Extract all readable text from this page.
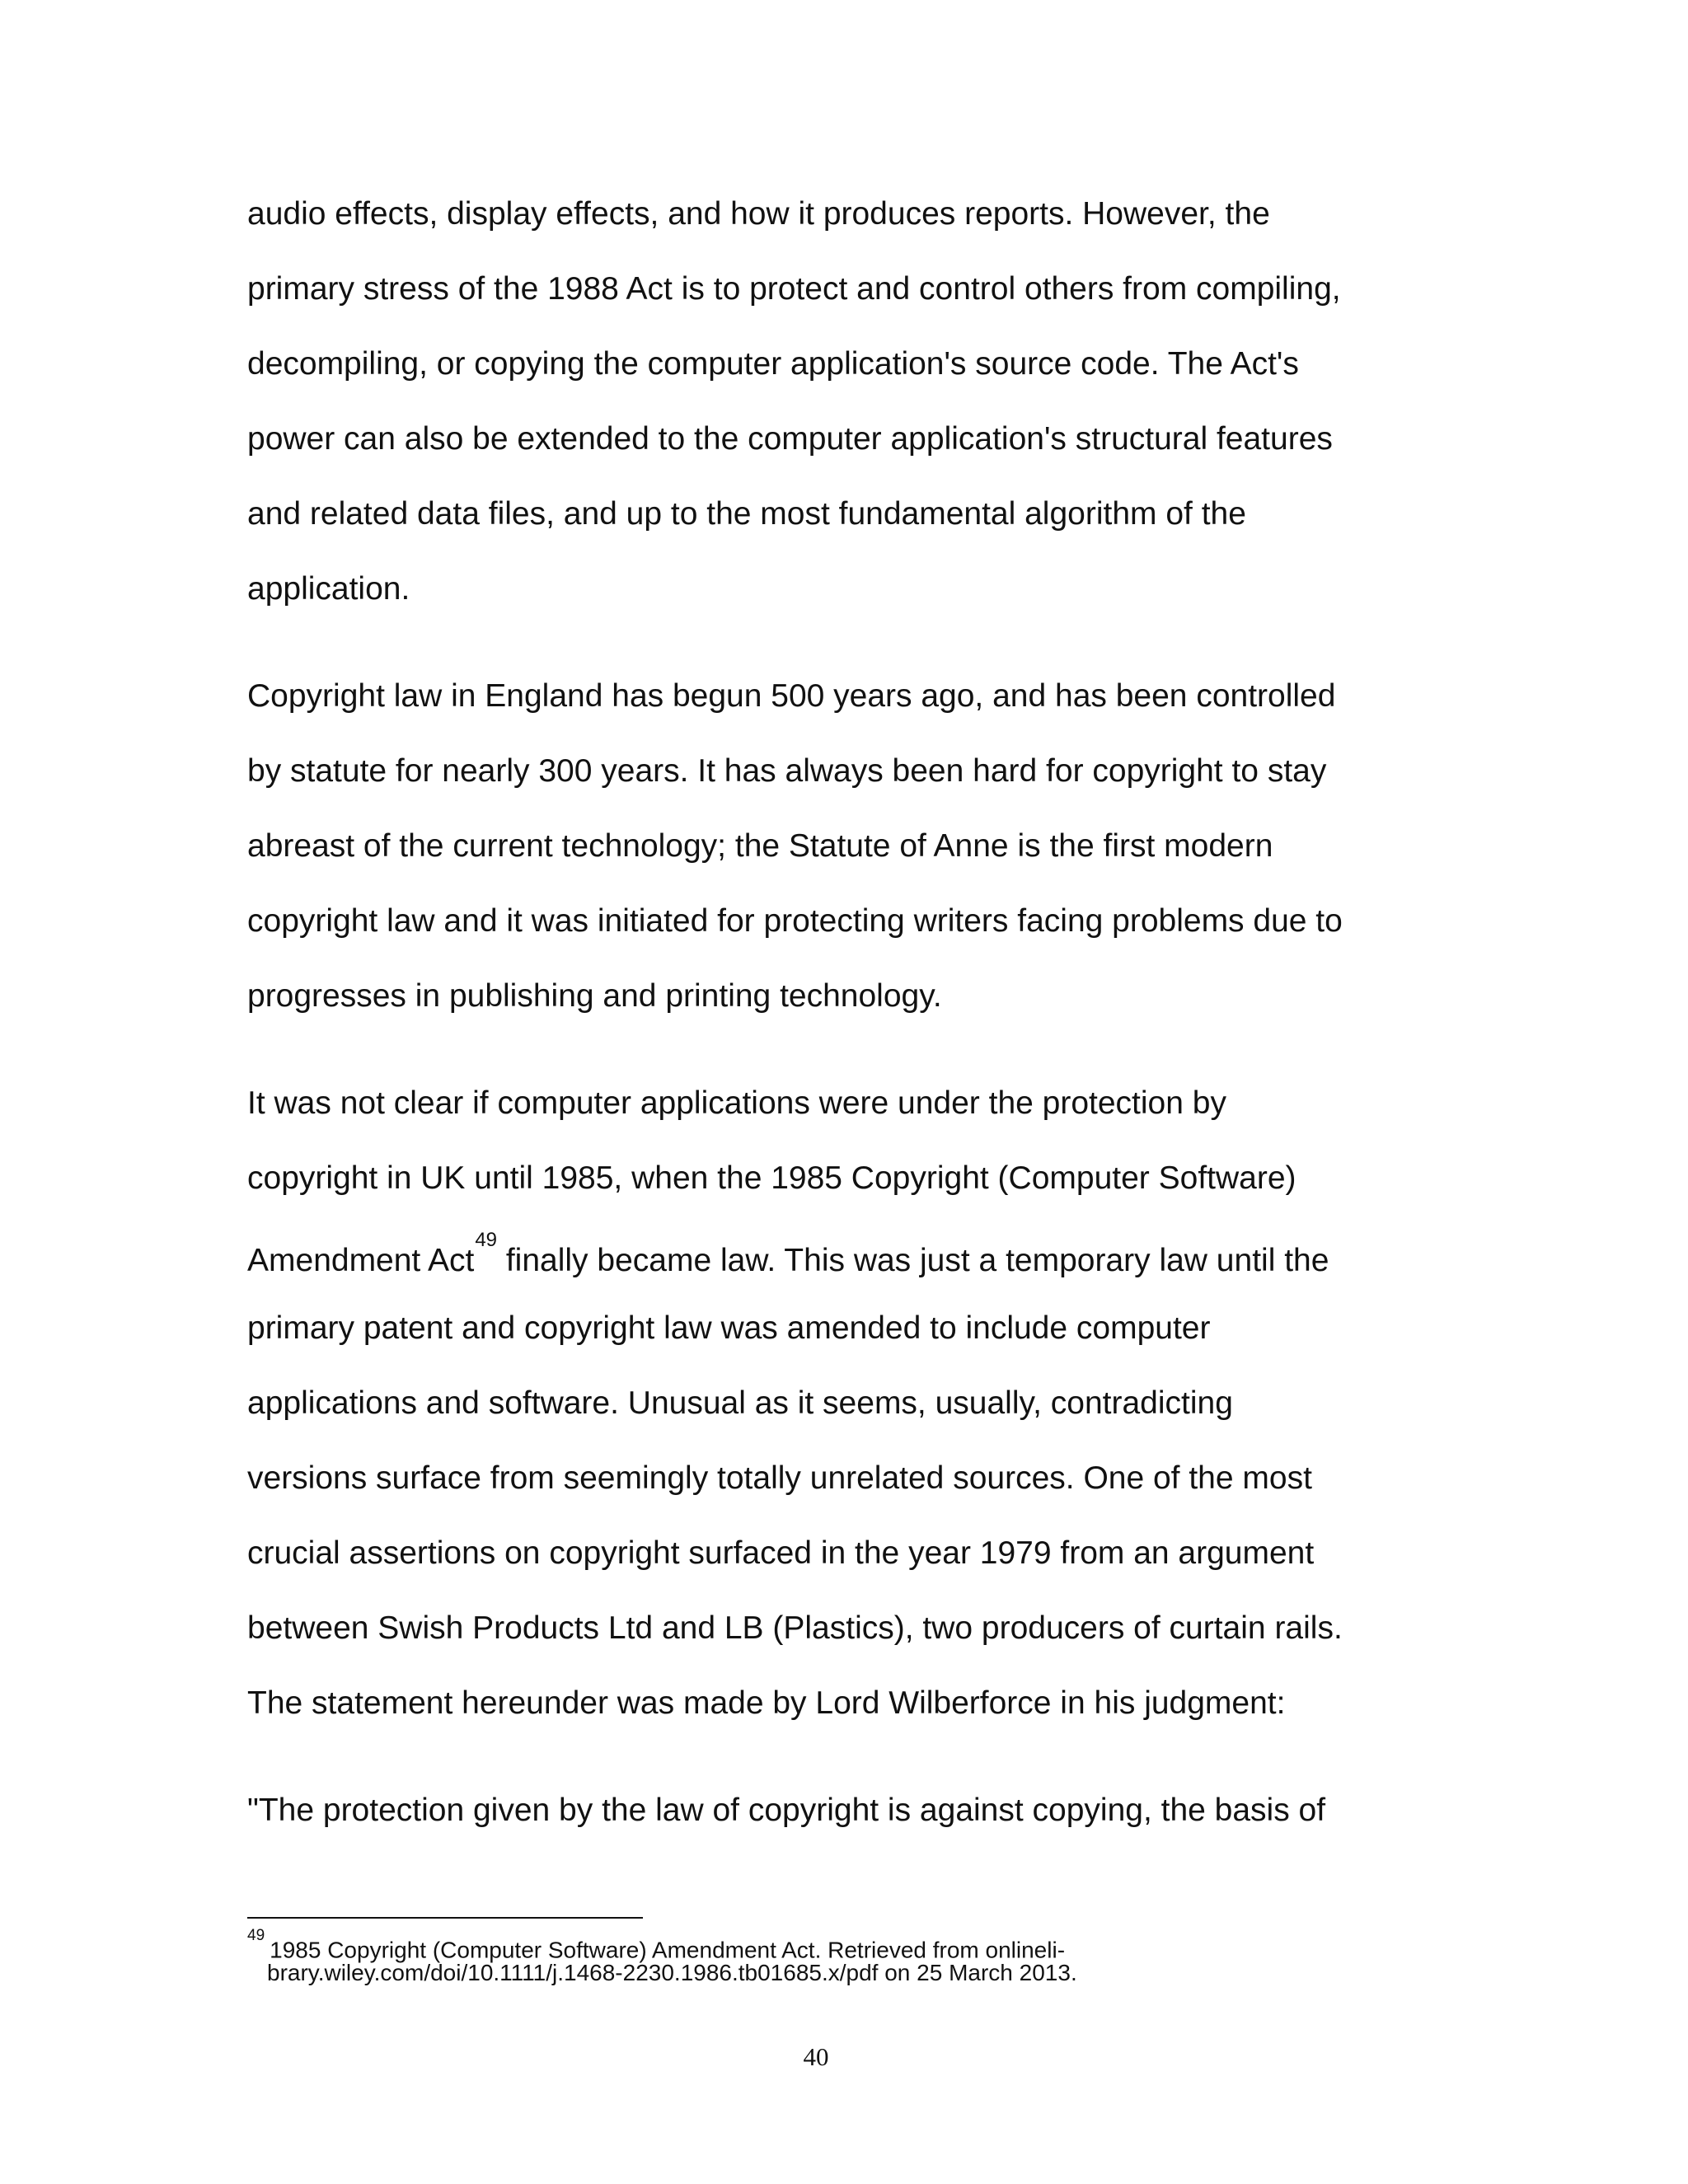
audio effects, display effects, and how it produces reports. However, the
primary stress of the 1988 Act is to protect and control others from compiling,
decompiling, or copying the computer application's source code. The Act's
power can also be extended to the computer application's structural features
and related data files, and up to the most fundamental algorithm of the
application.
Copyright law in England has begun 500 years ago, and has been controlled
by statute for nearly 300 years. It has always been hard for copyright to stay
abreast of the current technology; the Statute of Anne is the first modern
copyright law and it was initiated for protecting writers facing problems due to
progresses in publishing and printing technology.
It was not clear if computer applications were under the protection by
copyright in UK until 1985, when the 1985 Copyright (Computer Software)
Amendment Act$^{49}$ finally became law. This was just a temporary law until the
primary patent and copyright law was amended to include computer
applications and software. Unusual as it seems, usually, contradicting
versions surface from seemingly totally unrelated sources. One of the most
crucial assertions on copyright surfaced in the year 1979 from an argument
between Swish Products Ltd and LB (Plastics), two producers of curtain rails.
The statement hereunder was made by Lord Wilberforce in his judgment:
"The protection given by the law of copyright is against copying, the basis of
$^{49}$1985 Copyright (Computer Software) Amendment Act. Retrieved from onlineli-
brary.wiley.com/doi/10.1111/j.1468-2230.1986.tb01685.x/pdf on 25 March 2013.
40
